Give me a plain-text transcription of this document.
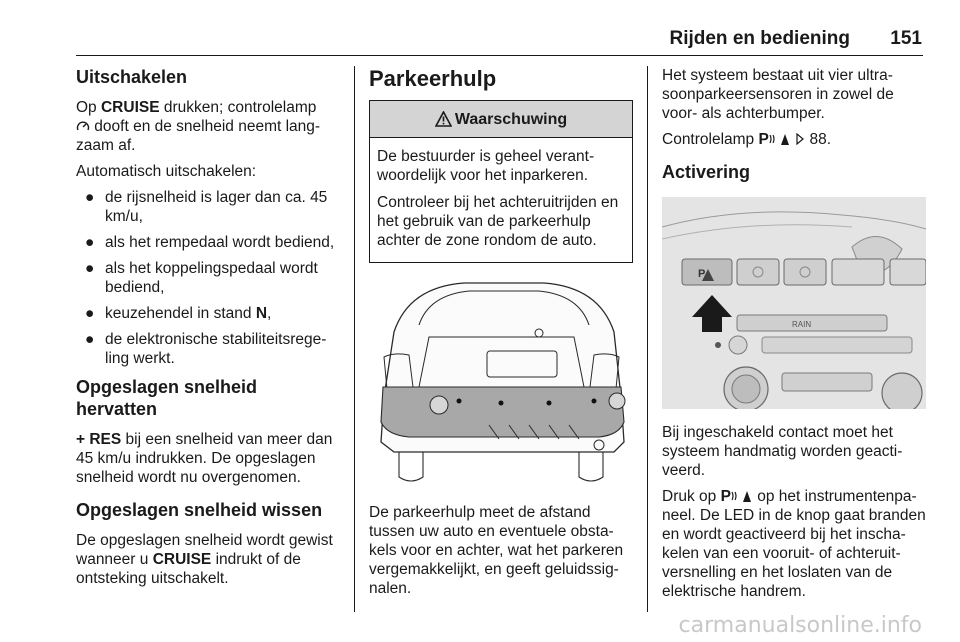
Rijden en bediening 151
Uitschakelen

Op CRUISE drukken; controlelamp
dooft en de snelheid neemt lang-zaam af.

Automatisch uitschakelen:

● de rijsnelheid is lager dan ca. 45 km/u,
● als het rempedaal wordt bediend,
● als het koppelingspedaal wordt bediend,
● keuzehendel in stand N,
● de elektronische stabiliteitsrege-ling werkt.
Opgeslagen snelheid hervatten

+ RES bij een snelheid van meer dan 45 km/u indrukken. De opgeslagen snelheid wordt nu overgenomen.

Opgeslagen snelheid wissen

De opgeslagen snelheid wordt gewist wanneer u CRUISE indrukt of de ontsteking uitschakelt.

Parkeerhulp
Waarschuwing

De bestuurder is geheel verant-woordelijk voor het inparkeren.

Controleer bij het achteruitrijden en het gebruik van de parkeerhulp achter de zone rondom de auto.

De parkeerhulp meet de afstand tussen uw auto en eventuele obsta-kels voor en achter, wat het parkeren vergemakkelijkt, en geeft geluidssig-nalen.

Het systeem bestaat uit vier ultra-soonparkeersensoren in zowel de voor- als achterbumper.

Controlelamp P  88.

Activering
P
RAIN

Bij ingeschakeld contact moet het systeem handmatig worden geacti-veerd.

Druk op P op het instrumentenpa-neel. De LED in de knop gaat branden en wordt geactiveerd bij het inscha-kelen van een vooruit- of achteruit-versnelling en het loslaten van de elektrische handrem.

carmanualsonline.info
